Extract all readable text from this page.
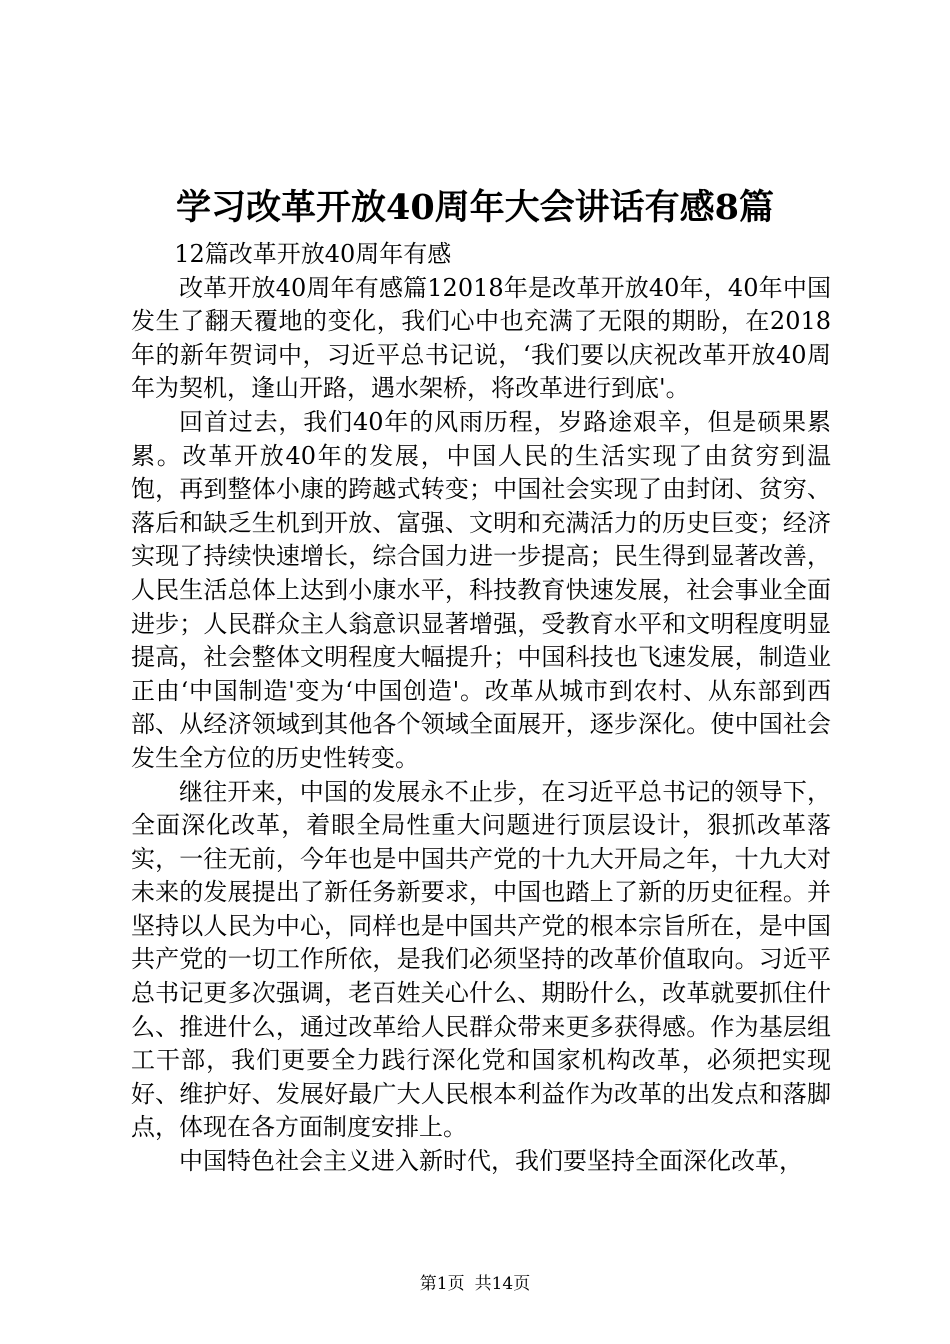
学习改革开放40周年大会讲话有感8篇

12篇改革开放40周年有感

改革开放40周年有感篇12018年是改革开放40年，40年中国发生了翻天覆地的变化，我们心中也充满了无限的期盼，在2018年的新年贺词中，习近平总书记说，‘我们要以庆祝改革开放40周年为契机，逢山开路，遇水架桥，将改革进行到底'。

回首过去，我们40年的风雨历程，岁路途艰辛，但是硕果累累。改革开放40年的发展，中国人民的生活实现了由贫穷到温饱，再到整体小康的跨越式转变；中国社会实现了由封闭、贫穷、落后和缺乏生机到开放、富强、文明和充满活力的历史巨变；经济实现了持续快速增长，综合国力进一步提高；民生得到显著改善，人民生活总体上达到小康水平，科技教育快速发展，社会事业全面进步；人民群众主人翁意识显著增强，受教育水平和文明程度明显提高，社会整体文明程度大幅提升；中国科技也飞速发展，制造业正由‘中国制造'变为‘中国创造'。改革从城市到农村、从东部到西部、从经济领域到其他各个领域全面展开，逐步深化。使中国社会发生全方位的历史性转变。

继往开来，中国的发展永不止步，在习近平总书记的领导下，全面深化改革，着眼全局性重大问题进行顶层设计，狠抓改革落实，一往无前，今年也是中国共产党的十九大开局之年，十九大对未来的发展提出了新任务新要求，中国也踏上了新的历史征程。并坚持以人民为中心，同样也是中国共产党的根本宗旨所在，是中国共产党的一切工作所依，是我们必须坚持的改革价值取向。习近平总书记更多次强调，老百姓关心什么、期盼什么，改革就要抓住什么、推进什么，通过改革给人民群众带来更多获得感。作为基层组工干部，我们更要全力践行深化党和国家机构改革，必须把实现好、维护好、发展好最广大人民根本利益作为改革的出发点和落脚点，体现在各方面制度安排上。

中国特色社会主义进入新时代，我们要坚持全面深化改革，

第1页 共14页
